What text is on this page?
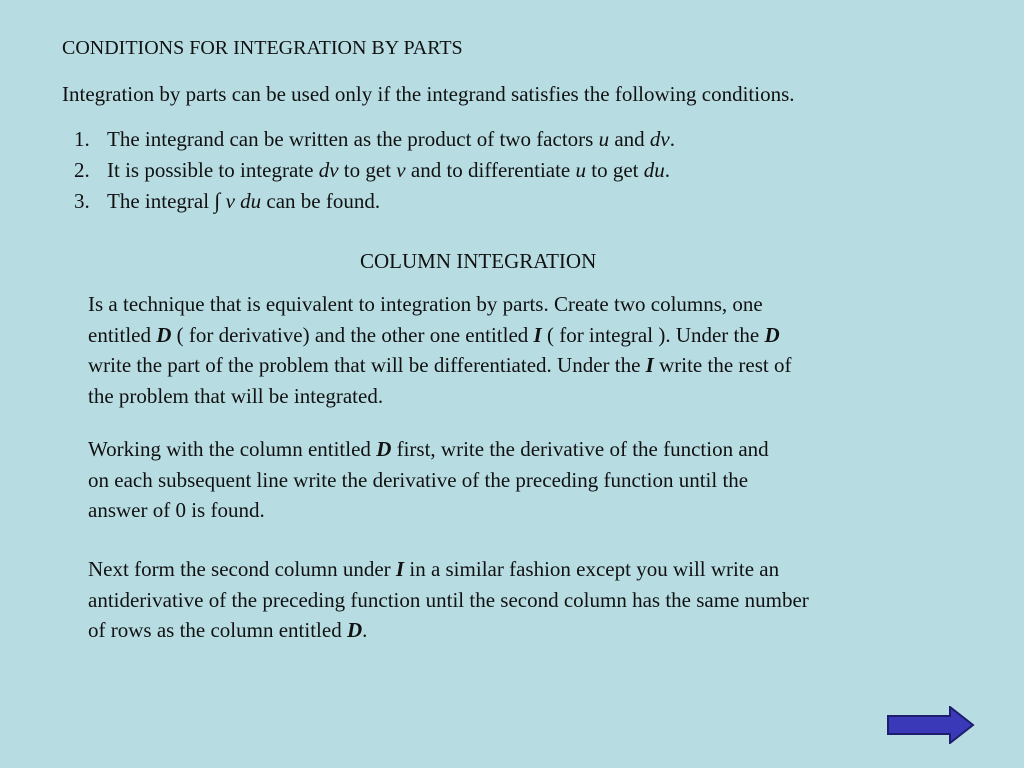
CONDITIONS FOR INTEGRATION BY PARTS
Integration by parts can be used only if the integrand satisfies the following conditions.
1. The integrand can be written as the product of two factors u and dv.
2. It is possible to integrate dv to get v and to differentiate u to get du.
3. The integral ∫ v du can be found.
COLUMN INTEGRATION
Is a technique that is equivalent to integration by parts. Create two columns, one
entitled D ( for derivative) and the other one entitled I ( for integral ). Under the D
write the part of the problem that will be differentiated. Under the I write the rest of
the problem that will be integrated.
Working with the column entitled D first, write the derivative of the function and
on each subsequent line write the derivative of the preceding function until the
answer of 0 is found.
Next form the second column under I in a similar fashion except you will write an
antiderivative of the preceding function until the second column has the same number
of rows as the column entitled D.
